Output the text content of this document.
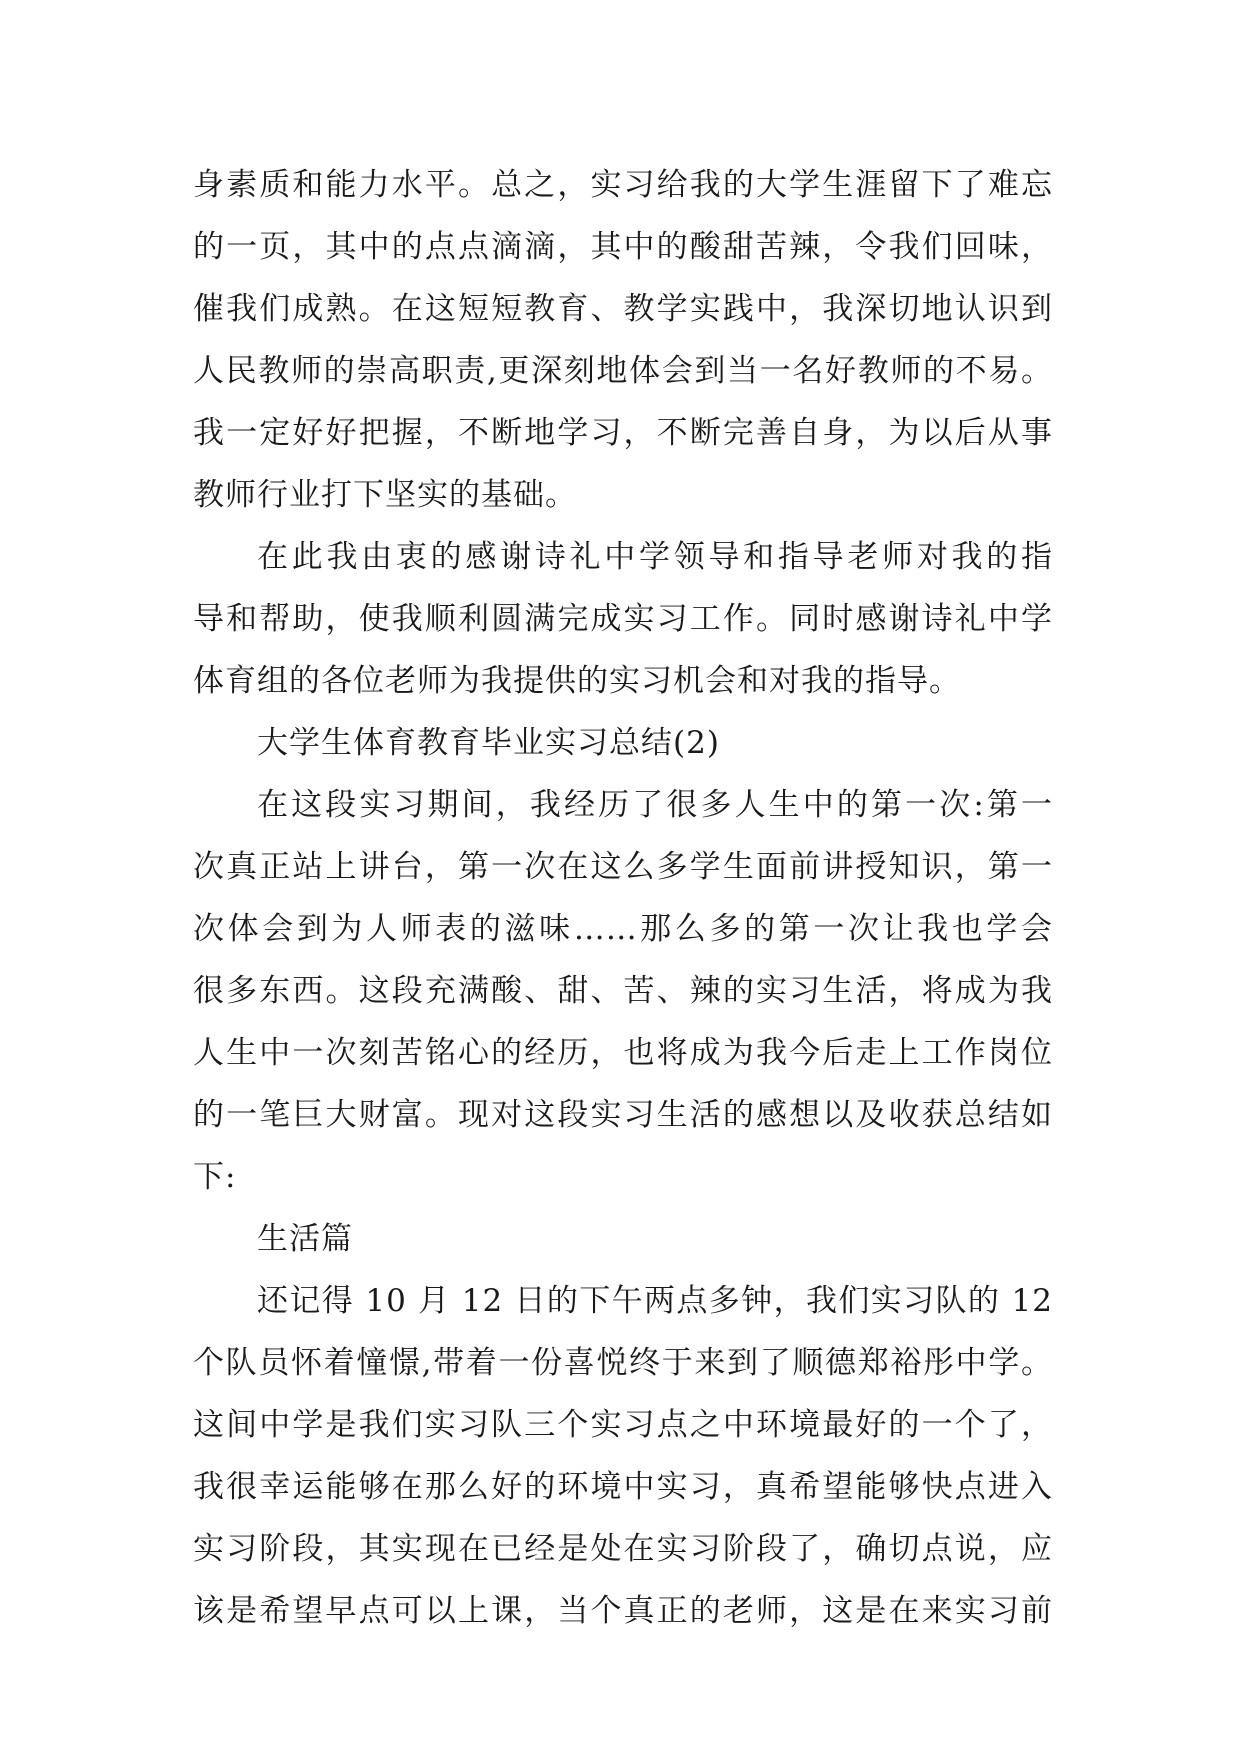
身素质和能力水平。总之，实习给我的大学生涯留下了难忘
的一页，其中的点点滴滴，其中的酸甜苦辣，令我们回味，
催我们成熟。在这短短教育、教学实践中，我深切地认识到
人民教师的崇高职责,更深刻地体会到当一名好教师的不易。
我一定好好把握，不断地学习，不断完善自身，为以后从事
教师行业打下坚实的基础。
在此我由衷的感谢诗礼中学领导和指导老师对我的指
导和帮助，使我顺利圆满完成实习工作。同时感谢诗礼中学
体育组的各位老师为我提供的实习机会和对我的指导。
大学生体育教育毕业实习总结(2)
在这段实习期间，我经历了很多人生中的第一次:第一
次真正站上讲台，第一次在这么多学生面前讲授知识，第一
次体会到为人师表的滋味……那么多的第一次让我也学会
很多东西。这段充满酸、甜、苦、辣的实习生活，将成为我
人生中一次刻苦铭心的经历，也将成为我今后走上工作岗位
的一笔巨大财富。现对这段实习生活的感想以及收获总结如
下:
生活篇
还记得 10 月 12 日的下午两点多钟，我们实习队的 12
个队员怀着憧憬,带着一份喜悦终于来到了顺德郑裕彤中学。
这间中学是我们实习队三个实习点之中环境最好的一个了，
我很幸运能够在那么好的环境中实习，真希望能够快点进入
实习阶段，其实现在已经是处在实习阶段了，确切点说，应
该是希望早点可以上课，当个真正的老师，这是在来实习前
